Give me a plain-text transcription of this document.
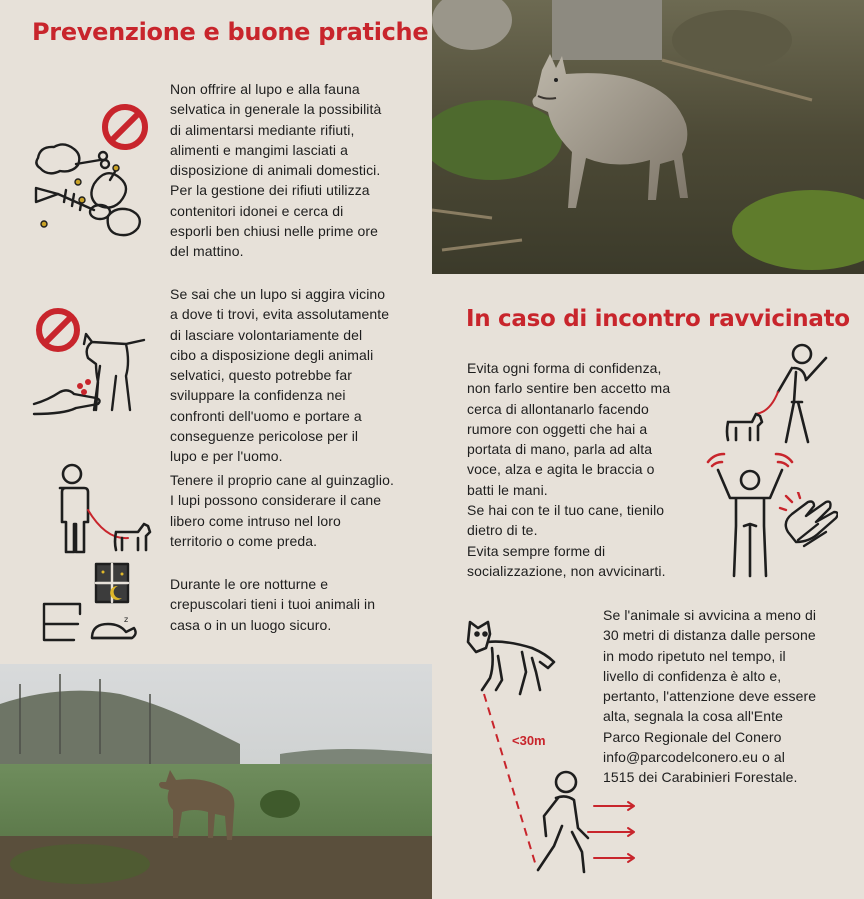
Prevenzione e buone pratiche

Non offrire al lupo e alla fauna
selvatica in generale la possibilità
di alimentarsi mediante rifiuti,
alimenti e mangimi lasciati a
disposizione di animali domestici.
Per la gestione dei rifiuti utilizza
contenitori idonei e cerca di
esporli ben chiusi nelle prime ore
del mattino.

Se sai che un lupo si aggira vicino
a dove ti trovi, evita assolutamente
di lasciare volontariamente del
cibo a disposizione degli animali
selvatici, questo potrebbe far
sviluppare la confidenza nei
confronti dell'uomo e portare a
conseguenze pericolose per il
lupo e per l'uomo.

Tenere il proprio cane al guinzaglio.
I lupi possono considerare il cane
libero come intruso nel loro
territorio o come preda.

z

Durante le ore notturne e
crepuscolari tieni i tuoi animali in
casa o in un luogo sicuro.

In caso di incontro ravvicinato

Evita ogni forma di confidenza,
non farlo sentire ben accetto ma
cerca di allontanarlo facendo
rumore con oggetti che hai a
portata di mano, parla ad alta
voce, alza e agita le braccia o
batti le mani.
Se hai con te il tuo cane, tienilo
dietro di te.
Evita sempre forme di
socializzazione, non avvicinarti.

<30m

Se l'animale si avvicina a meno di
30 metri di distanza dalle persone
in modo ripetuto nel tempo, il
livello di confidenza è alto e,
pertanto, l'attenzione deve essere
alta, segnala la cosa all'Ente
Parco Regionale del Conero
info@parcodelconero.eu o al
1515 dei Carabinieri Forestale.
